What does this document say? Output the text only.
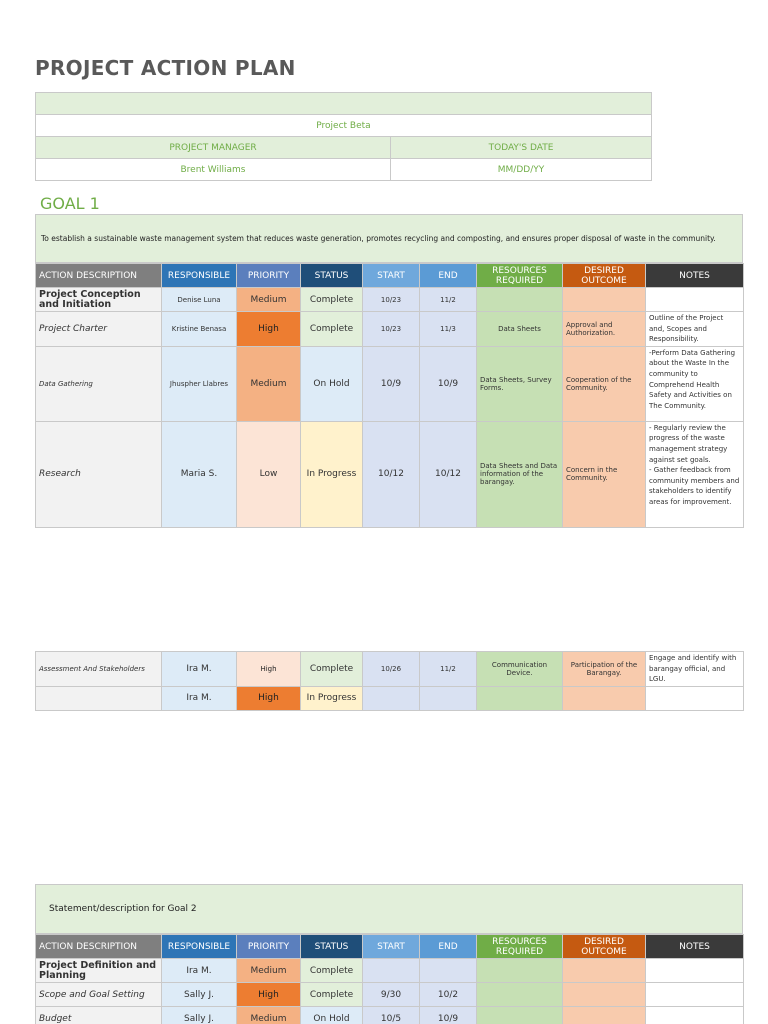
PROJECT ACTION PLAN

Project Beta	
PROJECT MANAGER	TODAY'S DATE
Brent Williams	MM/DD/YY
GOAL 1
To establish a sustainable waste management system that reduces waste generation, promotes recycling and composting, and ensures proper disposal of waste in the community.
ACTION DESCRIPTION	RESPONSIBLE	PRIORITY	STATUS	START	END	RESOURCES REQUIRED	DESIRED OUTCOME	NOTES
Project Conception and Initiation	Denise Luna	Medium	Complete	10/23	11/2			
Project Charter	Kristine Benasa	High	Complete	10/23	11/3	Data Sheets	Approval and Authorization.	Outline of the Project and, Scopes and Responsibility.
Data Gathering	Jhuspher Llabres	Medium	On Hold	10/9	10/9	Data Sheets, Survey Forms.	Cooperation of the Community.	-Perform Data Gathering about the Waste In the community to Comprehend Health Safety and Activities on The Community.
Research	Maria S.	Low	In Progress	10/12	10/12	Data Sheets and Data information of the barangay.	Concern in the Community.	- Regularly review the progress of the waste management strategy against set goals.
- Gather feedback from community members and stakeholders to identify areas for improvement.
Assessment And Stakeholders	Ira M.	High	Complete	10/26	11/2	Communication Device.	Participation of the Barangay.	Engage and identify with barangay official, and LGU.
	Ira M.	High	In Progress					
Statement/description for Goal 2
ACTION DESCRIPTION	RESPONSIBLE	PRIORITY	STATUS	START	END	RESOURCES REQUIRED	DESIRED OUTCOME	NOTES
Project Definition and Planning	Ira M.	Medium	Complete					
Scope and Goal Setting	Sally J.	High	Complete	9/30	10/2			
Budget	Sally J.	Medium	On Hold	10/5	10/9			
